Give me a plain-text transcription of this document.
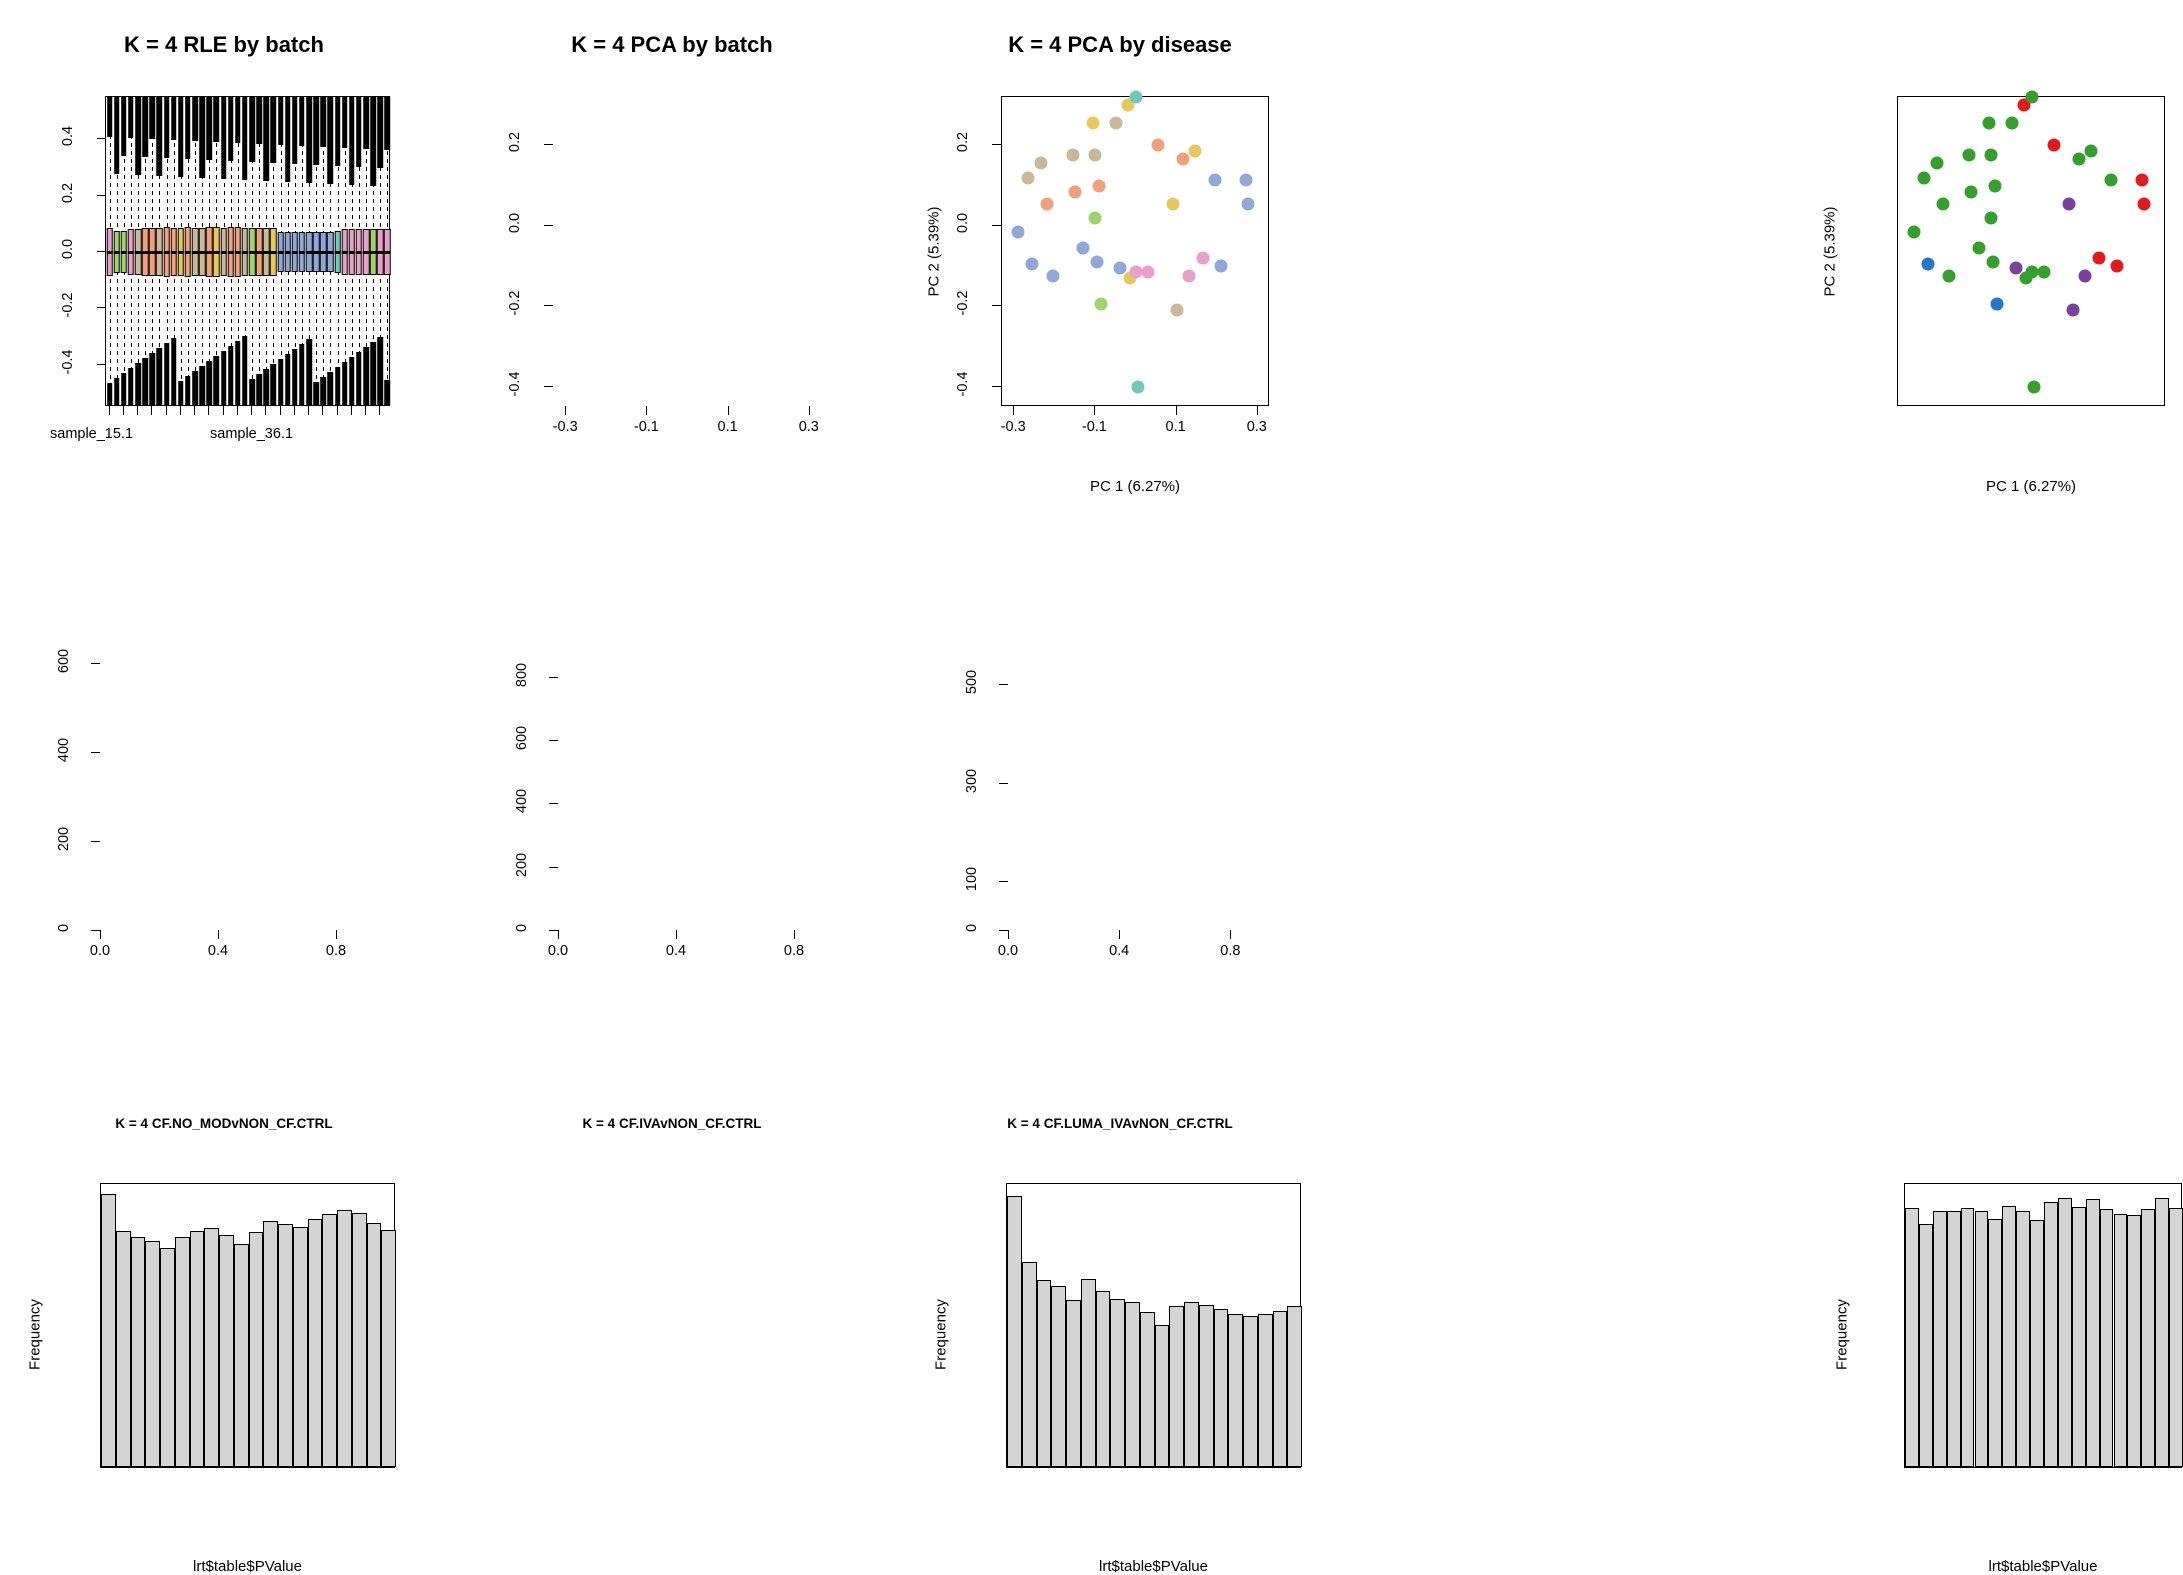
K = 4 RLE by batch	K = 4 PCA by batch
PC 1 (6.27%)
PC 2 (5.39%)
K = 4 PCA by disease
PC 1 (6.27%)
PC 2 (5.39%)
K = 4 CF.NO_MODvNON_CF.CTRL
lrt$table$PValue
Frequency
K = 4 CF.IVAvNON_CF.CTRL
lrt$table$PValue
Frequency
K = 4 CF.LUMA_IVAvNON_CF.CTRL
lrt$table$PValue
Frequency
-0.4
-0.2
0.0
0.2
0.4
sample_15.1	sample_36.1	-0.3	-0.1	0.1	0.3
-0.4
-0.2
0.0
0.2
-0.3	-0.1	0.1	0.3
-0.4
-0.2
0.0
0.2
0
200
400
600
0.0	0.4	0.8
0
200
400
600
800
0.0	0.4	0.8
0
100
300
500
0.0	0.4	0.8
